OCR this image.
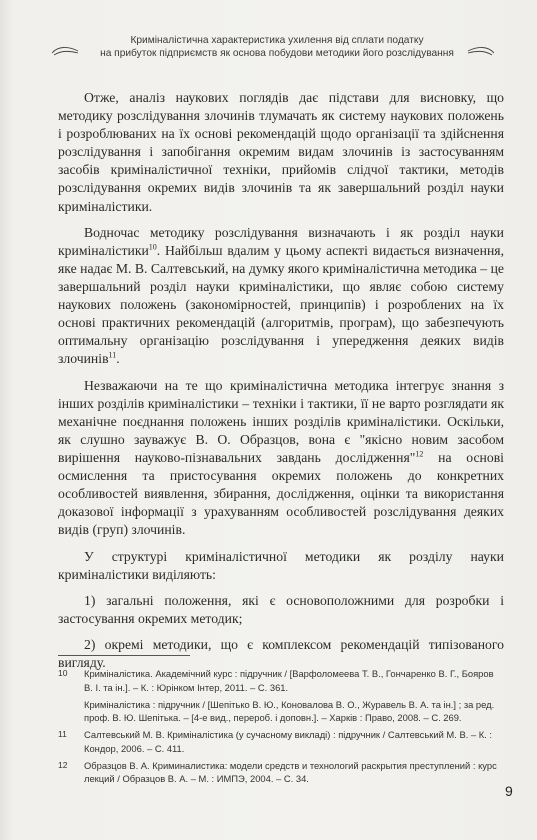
Криміналістична характеристика ухилення від сплати податку
на прибуток підприємств як основа побудови методики його розслідування

Отже, аналіз наукових поглядів дає підстави для висновку, що методику розслідування злочинів тлумачать як систему наукових положень і розроблюваних на їх основі рекомендацій щодо організації та здійснення розслідування і запобігання окремим видам злочинів із застосуванням засобів криміналістичної техніки, прийомів слідчої тактики, методів розслідування окремих видів злочинів та як завершальний розділ науки криміналістики.

Водночас методику розслідування визначають і як розділ науки криміналістики$^{10}$. Найбільш вдалим у цьому аспекті видається визначення, яке надає М. В. Салтевський, на думку якого криміналістична методика – це завершальний розділ науки криміналістики, що являє собою систему наукових положень (закономірностей, принципів) і розроблених на їх основі практичних рекомендацій (алгоритмів, програм), що забезпечують оптимальну організацію розслідування і упередження деяких видів злочинів$^{11}$.

Незважаючи на те що криміналістична методика інтегрує знання з інших розділів криміналістики – техніки і тактики, її не варто розглядати як механічне поєднання положень інших розділів криміналістики. Оскільки, як слушно зауважує В. О. Образцов, вона є "якісно новим засобом вирішення науково-пізнавальних завдань дослідження"$^{12}$ на основі осмислення та пристосування окремих положень до конкретних особливостей виявлення, збирання, дослідження, оцінки та використання доказової інформації з урахуванням особливостей розслідування деяких видів (груп) злочинів.

У структурі криміналістичної методики як розділу науки криміналістики виділяють:

1) загальні положення, які є основоположними для розробки і застосування окремих методик;

2) окремі методики, що є комплексом рекомендацій типізованого вигляду.

10 Криміналістика. Академічний курс : підручник / [Варфоломеева Т. В., Гончаренко В. Г., Бояров В. І. та ін.]. – К. : Юрінком Інтер, 2011. – С. 361.
Криміналістика : підручник / [Шепітько В. Ю., Коновалова В. О., Журавель В. А. та ін.] ; за ред. проф. В. Ю. Шепітька. – [4-е вид., перероб. і доповн.]. – Харків : Право, 2008. – С. 269.
11 Салтевський М. В. Криміналістика (у сучасному викладі) : підручник / Салтевський М. В. – К. : Кондор, 2006. – С. 411.
12 Образцов В. А. Криминалистика: модели средств и технологий раскрытия преступлений : курс лекций / Образцов В. А. – М. : ИМПЭ, 2004. – С. 34.
9
